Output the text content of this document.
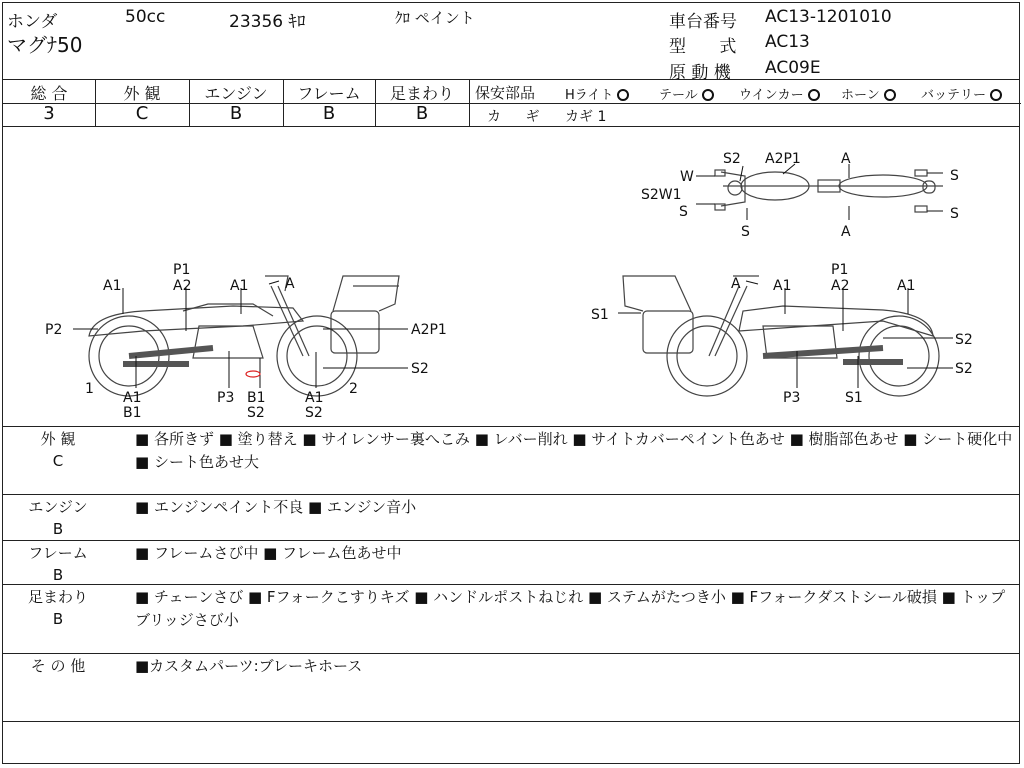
ホンダ	50cc	23356 ｷﾛ	ｸﾛ ペイント
マグﾅ50
車台番号 AC13-1201010
型 式 AC13
原 動 機 AC09E
総 合	外 観	エンジン	フレーム	足まわり
3	C	B	B	B
保安部品 Hライト	テール	ウインカー	ホーン	バッテリー
カ ギ カギ 1
W
S2 A2P1	A
S
S2W1
S	S
S	A
P1
A2
A1	A1	A
P2	A2P1
S2
1
A1
B1
P3 B1
S2
A1
S2
2
A A1
P1
A2	A1
S1
S2
S2
P3	S1
外 観
C
■ 各所きず ■ 塗り替え ■ サイレンサー裏へこみ ■ レバー削れ ■ サイトカバーペイント色あせ ■ 樹脂部色あせ ■ シート硬化中 ■ シート色あせ大
エンジン
B
■ エンジンペイント不良 ■ エンジン音小
フレーム
B
■ フレームさび中 ■ フレーム色あせ中
足まわり
B
■ チェーンさび ■ Fフォークこすりキズ ■ ハンドルポストねじれ ■ ステムがたつき小 ■ Fフォークダストシール破損 ■ トップブリッジさび小
そ の 他	■カスタムパーツ:ブレーキホース
